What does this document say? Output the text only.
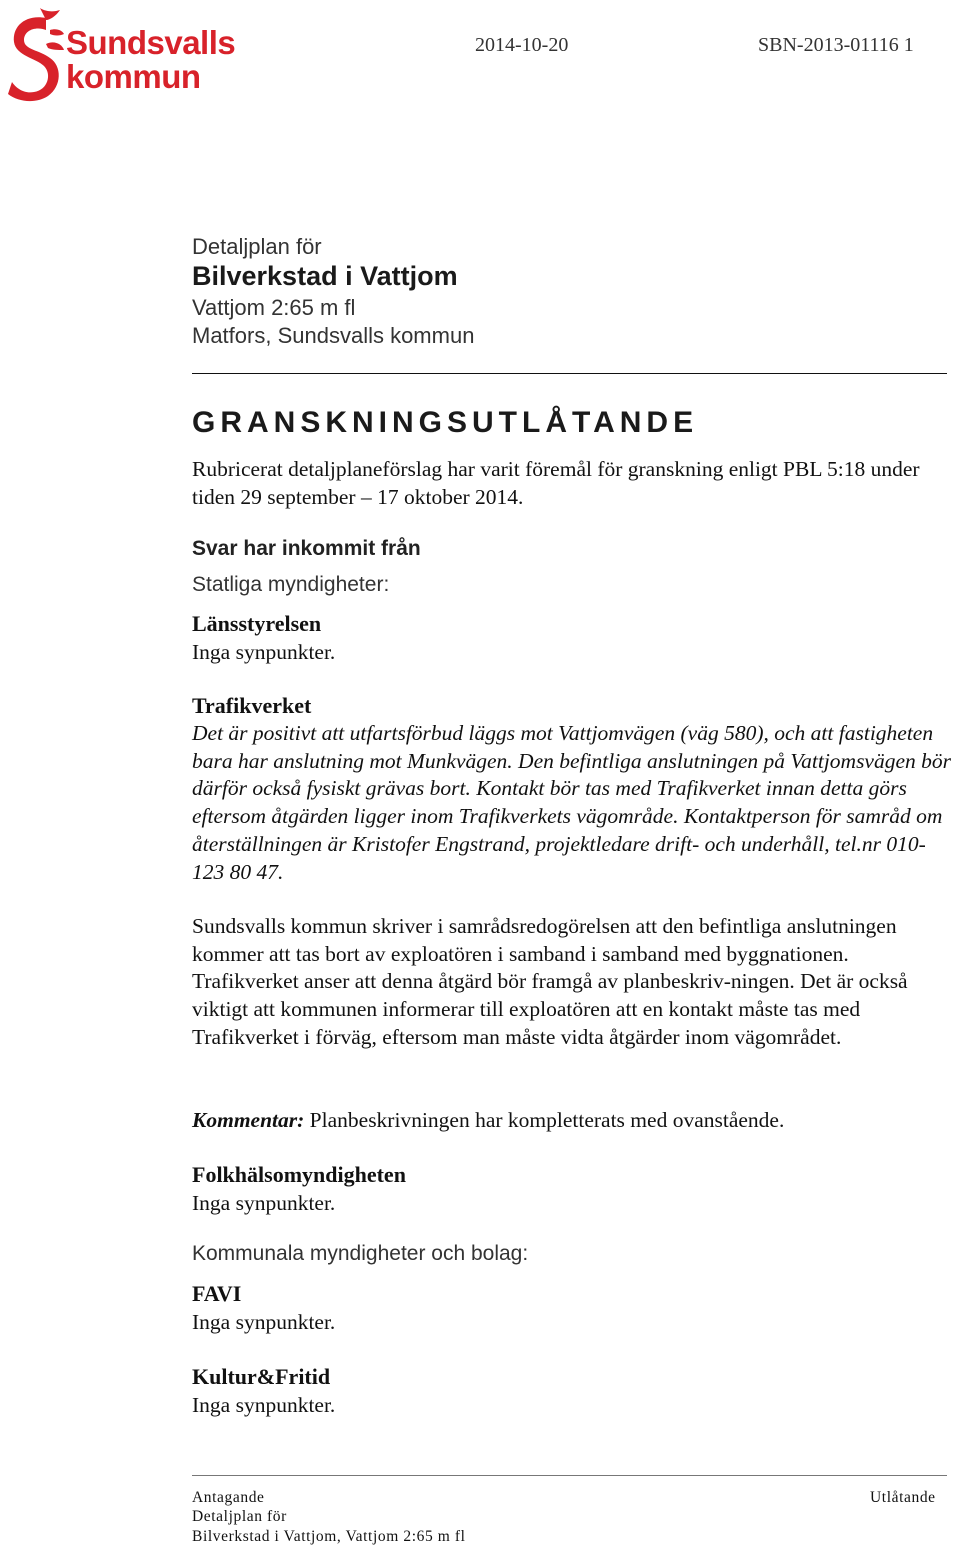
Sundsvalls
kommun
2014-10-20	SBN-2013-01116 1
Detaljplan för
Bilverkstad i Vattjom
Vattjom 2:65 m fl
Matfors, Sundsvalls kommun
GRANSKNINGSUTLÅTANDE
Rubricerat detaljplaneförslag har varit föremål för granskning enligt PBL 5:18 under tiden 29 september – 17 oktober 2014.
Svar har inkommit från
Statliga myndigheter:
Länsstyrelsen
Inga synpunkter.
Trafikverket
Det är positivt att utfartsförbud läggs mot Vattjomvägen (väg 580), och att fastigheten bara har anslutning mot Munkvägen. Den befintliga anslutningen på Vattjomsvägen bör därför också fysiskt grävas bort. Kontakt bör tas med Trafikverket innan detta görs eftersom åtgärden ligger inom Trafikverkets vägområde. Kontaktperson för samråd om återställningen är Kristofer Engstrand, projektledare drift- och underhåll, tel.nr 010-123 80 47.
Sundsvalls kommun skriver i samrådsredogörelsen att den befintliga anslutningen kommer att tas bort av exploatören i samband i samband med byggnationen. Trafikverket anser att denna åtgärd bör framgå av planbeskriv-ningen. Det är också viktigt att kommunen informerar till exploatören att en kontakt måste tas med Trafikverket i förväg, eftersom man måste vidta åtgärder inom vägområdet.
Kommentar: Planbeskrivningen har kompletterats med ovanstående.
Folkhälsomyndigheten
Inga synpunkter.
Kommunala myndigheter och bolag:
FAVI
Inga synpunkter.
Kultur&Fritid
Inga synpunkter.
Antagande
Detaljplan för
Bilverkstad i Vattjom, Vattjom 2:65 m fl
Utlåtande
